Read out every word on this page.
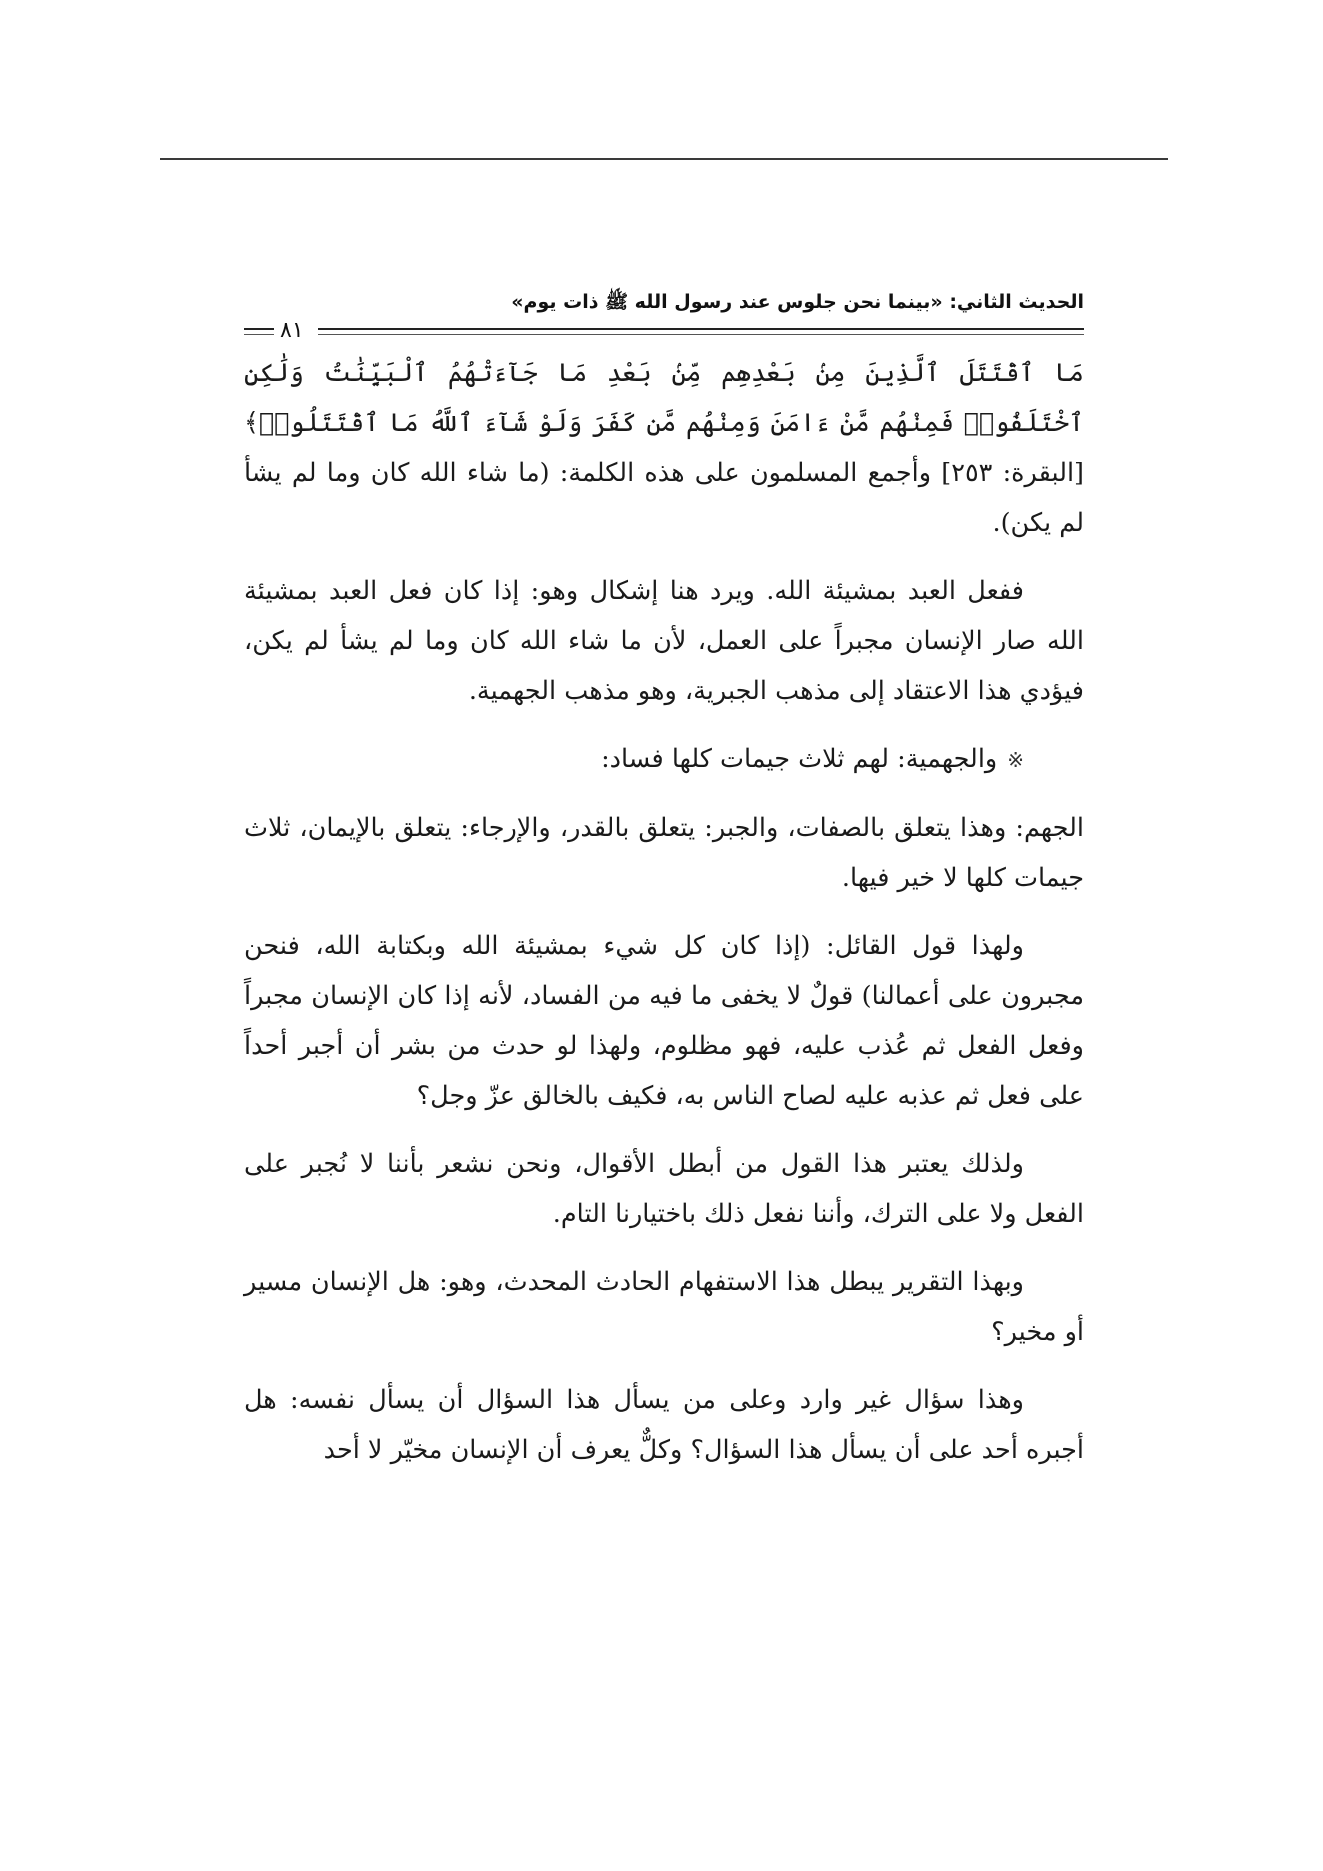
الحديث الثاني: «بينما نحن جلوس عند رسول الله ﷺ ذات يوم»
٨١

مَا ٱقْتَتَلَ ٱلَّذِينَ مِنۢ بَعْدِهِم مِّنۢ بَعْدِ مَا جَآءَتْهُمُ ٱلْبَيِّنَٰتُ وَلَٰكِنِ ٱخْتَلَفُوا۟ فَمِنْهُم مَّنْ ءَامَنَ وَمِنْهُم مَّن كَفَرَ وَلَوْ شَآءَ ٱللَّهُ مَا ٱقْتَتَلُوا۟﴾ [البقرة: ٢٥٣] وأجمع المسلمون على هذه الكلمة: (ما شاء الله كان وما لم يشأ لم يكن).

ففعل العبد بمشيئة الله. ويرد هنا إشكال وهو: إذا كان فعل العبد بمشيئة الله صار الإنسان مجبراً على العمل، لأن ما شاء الله كان وما لم يشأ لم يكن، فيؤدي هذا الاعتقاد إلى مذهب الجبرية، وهو مذهب الجهمية.

※والجهمية: لهم ثلاث جيمات كلها فساد:

الجهم: وهذا يتعلق بالصفات، والجبر: يتعلق بالقدر، والإرجاء: يتعلق بالإيمان، ثلاث جيمات كلها لا خير فيها.

ولهذا قول القائل: (إذا كان كل شيء بمشيئة الله وبكتابة الله، فنحن مجبرون على أعمالنا) قولٌ لا يخفى ما فيه من الفساد، لأنه إذا كان الإنسان مجبراً وفعل الفعل ثم عُذب عليه، فهو مظلوم، ولهذا لو حدث من بشر أن أجبر أحداً على فعل ثم عذبه عليه لصاح الناس به، فكيف بالخالق عزّ وجل؟

ولذلك يعتبر هذا القول من أبطل الأقوال، ونحن نشعر بأننا لا نُجبر على الفعل ولا على الترك، وأننا نفعل ذلك باختيارنا التام.

وبهذا التقرير يبطل هذا الاستفهام الحادث المحدث، وهو: هل الإنسان مسير أو مخير؟

وهذا سؤال غير وارد وعلى من يسأل هذا السؤال أن يسأل نفسه: هل أجبره أحد على أن يسأل هذا السؤال؟ وكلٌّ يعرف أن الإنسان مخيّر لا أحد
